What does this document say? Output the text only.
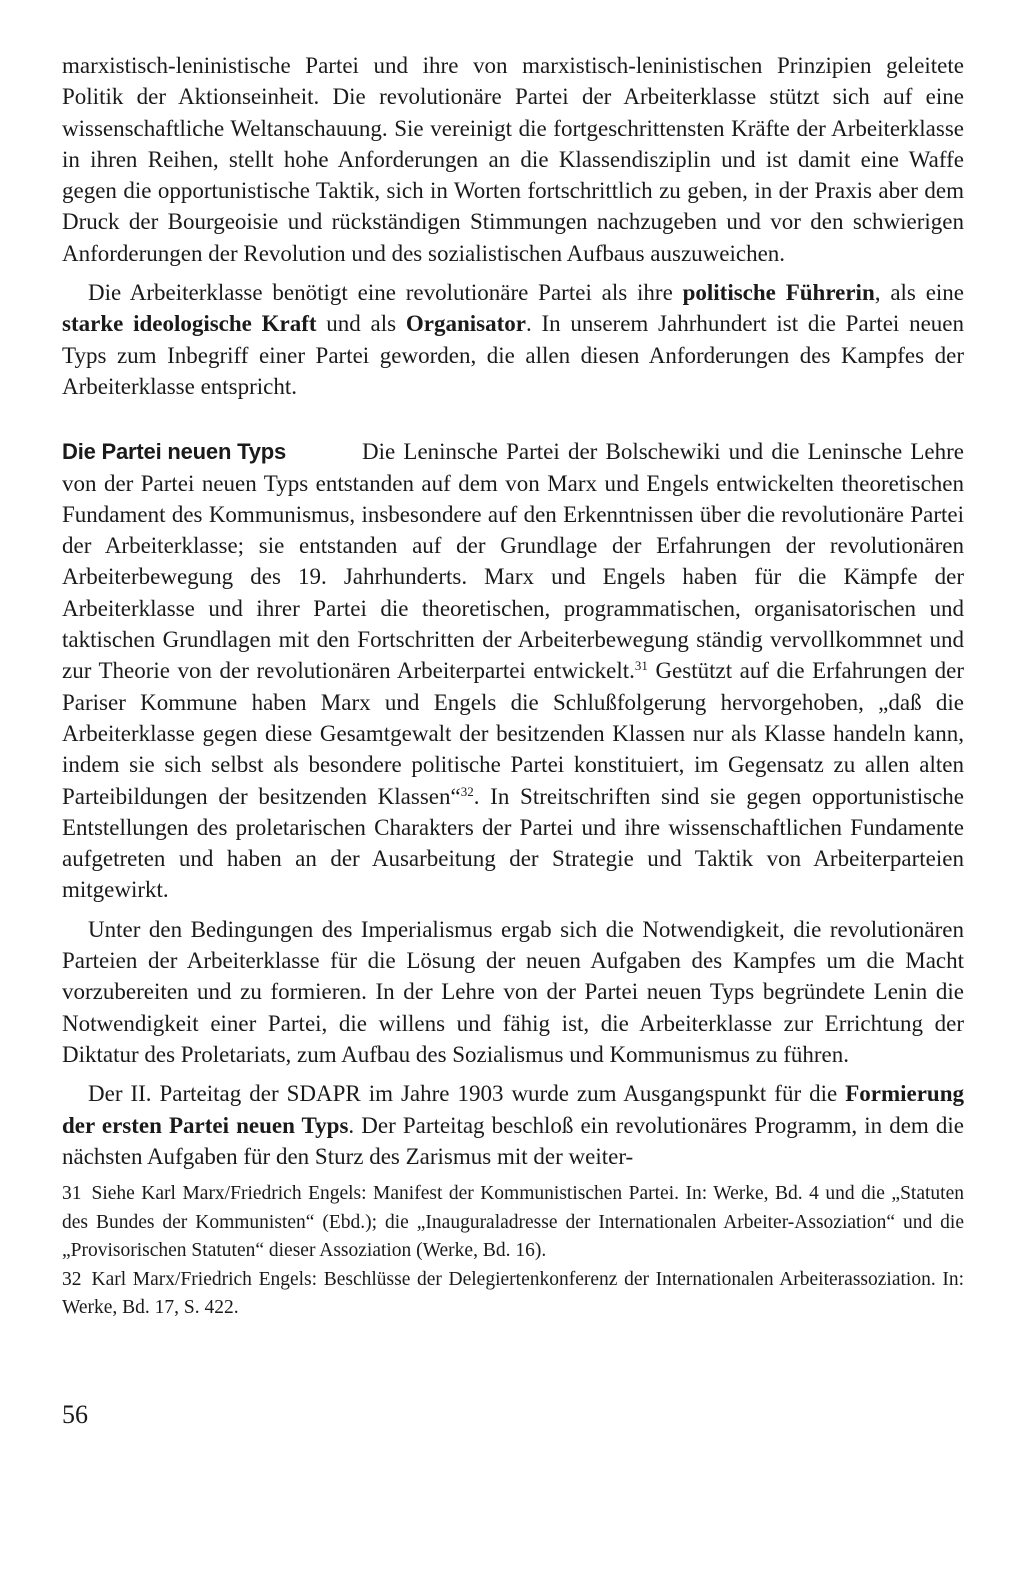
marxistisch-leninistische Partei und ihre von marxistisch-leninistischen Prinzipien geleitete Politik der Aktionseinheit. Die revolutionäre Partei der Arbeiterklasse stützt sich auf eine wissenschaftliche Weltanschauung. Sie vereinigt die fortgeschrittensten Kräfte der Arbeiterklasse in ihren Reihen, stellt hohe Anforderungen an die Klassendisziplin und ist damit eine Waffe gegen die opportunistische Taktik, sich in Worten fortschrittlich zu geben, in der Praxis aber dem Druck der Bourgeoisie und rückständigen Stimmungen nachzugeben und vor den schwierigen Anforderungen der Revolution und des sozialistischen Aufbaus auszuweichen.

Die Arbeiterklasse benötigt eine revolutionäre Partei als ihre politische Führerin, als eine starke ideologische Kraft und als Organisator. In unserem Jahrhundert ist die Partei neuen Typs zum Inbegriff einer Partei geworden, die allen diesen Anforderungen des Kampfes der Arbeiterklasse entspricht.

Die Partei neuen Typs	Die Leninsche Partei der Bolschewiki und die Leninsche Lehre von der Partei neuen Typs entstanden auf dem von Marx und Engels entwickelten theoretischen Fundament des Kommunismus, insbesondere auf den Erkenntnissen über die revolutionäre Partei der Arbeiterklasse; sie entstanden auf der Grundlage der Erfahrungen der revolutionären Arbeiterbewegung des 19. Jahrhunderts. Marx und Engels haben für die Kämpfe der Arbeiterklasse und ihrer Partei die theoretischen, programmatischen, organisatorischen und taktischen Grundlagen mit den Fortschritten der Arbeiterbewegung ständig vervollkommnet und zur Theorie von der revolutionären Arbeiterpartei entwickelt.$^{31}$ Gestützt auf die Erfahrungen der Pariser Kommune haben Marx und Engels die Schlußfolgerung hervorgehoben, „daß die Arbeiterklasse gegen diese Gesamtgewalt der besitzenden Klassen nur als Klasse handeln kann, indem sie sich selbst als besondere politische Partei konstituiert, im Gegensatz zu allen alten Parteibildungen der besitzenden Klassen“$^{32}$. In Streitschriften sind sie gegen opportunistische Entstellungen des proletarischen Charakters der Partei und ihre wissenschaftlichen Fundamente aufgetreten und haben an der Ausarbeitung der Strategie und Taktik von Arbeiterparteien mitgewirkt.

Unter den Bedingungen des Imperialismus ergab sich die Notwendigkeit, die revolutionären Parteien der Arbeiterklasse für die Lösung der neuen Aufgaben des Kampfes um die Macht vorzubereiten und zu formieren. In der Lehre von der Partei neuen Typs begründete Lenin die Notwendigkeit einer Partei, die willens und fähig ist, die Arbeiterklasse zur Errichtung der Diktatur des Proletariats, zum Aufbau des Sozialismus und Kommunismus zu führen.

Der II. Parteitag der SDAPR im Jahre 1903 wurde zum Ausgangspunkt für die Formierung der ersten Partei neuen Typs. Der Parteitag beschloß ein revolutionäres Programm, in dem die nächsten Aufgaben für den Sturz des Zarismus mit der weiter-

31 Siehe Karl Marx/Friedrich Engels: Manifest der Kommunistischen Partei. In: Werke, Bd. 4 und die „Statuten des Bundes der Kommunisten“ (Ebd.); die „Inauguraladresse der Internationalen Arbeiter-Assoziation“ und die „Provisorischen Statuten“ dieser Assoziation (Werke, Bd. 16).

32 Karl Marx/Friedrich Engels: Beschlüsse der Delegiertenkonferenz der Internationalen Arbeiterassoziation. In: Werke, Bd. 17, S. 422.

56
